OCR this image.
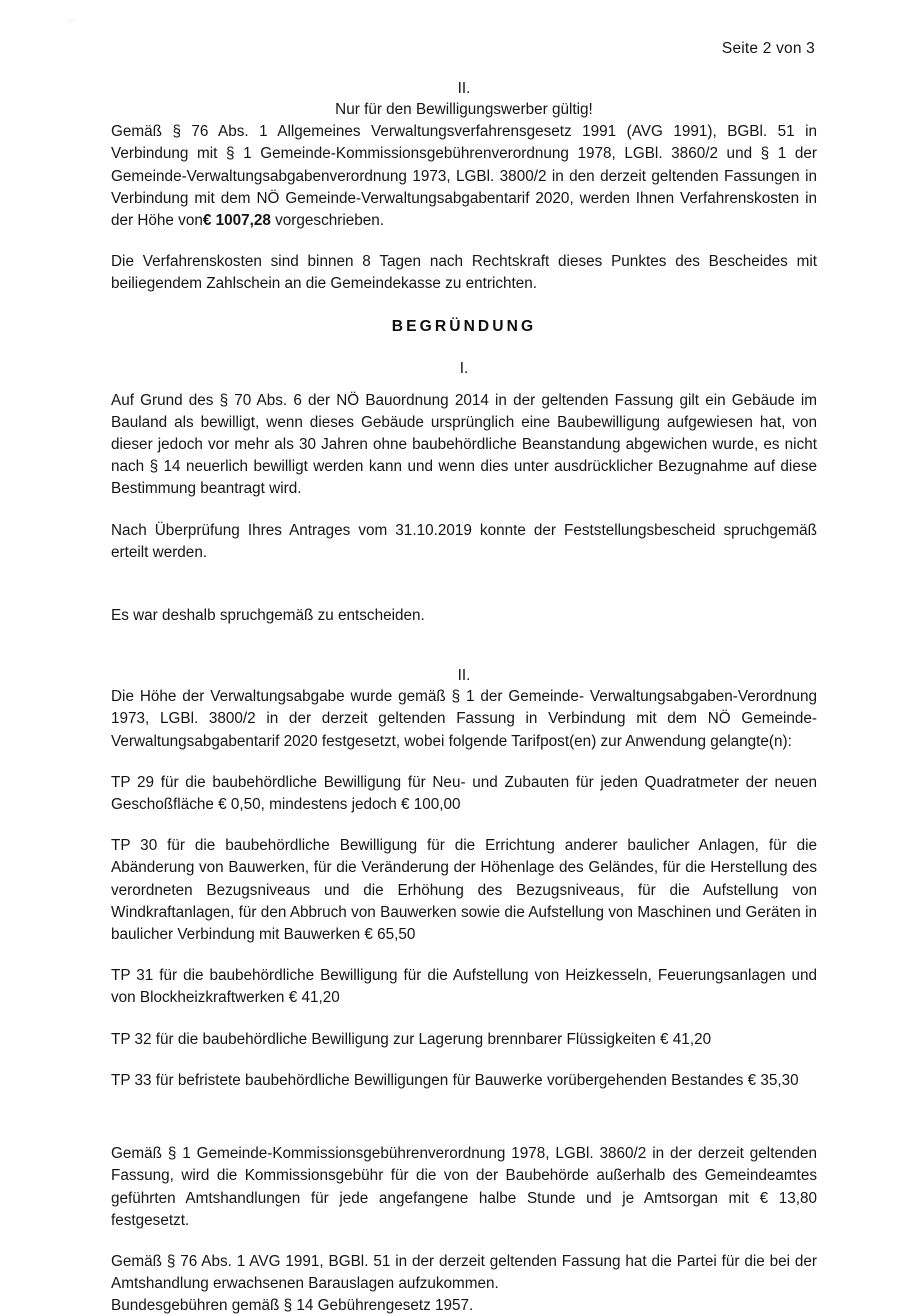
⌐
Seite 2 von 3

II.

Nur für den Bewilligungswerber gültig!

Gemäß § 76 Abs. 1 Allgemeines Verwaltungsverfahrensgesetz 1991 (AVG 1991), BGBl. 51 in Verbindung mit § 1 Gemeinde-Kommissionsgebührenverordnung 1978, LGBl. 3860/2 und § 1 der Gemeinde-Verwaltungsabgabenverordnung 1973, LGBl. 3800/2 in den derzeit geltenden Fassungen in Verbindung mit dem NÖ Gemeinde-Verwaltungsabgabentarif 2020, werden Ihnen Verfahrenskosten in der Höhe von€ 1007,28 vorgeschrieben.

Die Verfahrenskosten sind binnen 8 Tagen nach Rechtskraft dieses Punktes des Bescheides mit beiliegendem Zahlschein an die Gemeindekasse zu entrichten.

BEGRÜNDUNG

I.

Auf Grund des § 70 Abs. 6 der NÖ Bauordnung 2014 in der geltenden Fassung gilt ein Gebäude im Bauland als bewilligt, wenn dieses Gebäude ursprünglich eine Baubewilligung aufgewiesen hat, von dieser jedoch vor mehr als 30 Jahren ohne baubehördliche Beanstandung abgewichen wurde, es nicht nach § 14 neuerlich bewilligt werden kann und wenn dies unter ausdrücklicher Bezugnahme auf diese Bestimmung beantragt wird.

Nach Überprüfung Ihres Antrages vom 31.10.2019 konnte der Feststellungsbescheid spruchgemäß erteilt werden.

Es war deshalb spruchgemäß zu entscheiden.

II.

Die Höhe der Verwaltungsabgabe wurde gemäß § 1 der Gemeinde- Verwaltungsabgaben-Verordnung 1973, LGBl. 3800/2 in der derzeit geltenden Fassung in Verbindung mit dem NÖ Gemeinde-Verwaltungsabgabentarif 2020 festgesetzt, wobei folgende Tarifpost(en) zur Anwendung gelangte(n):

TP 29 für die baubehördliche Bewilligung für Neu- und Zubauten für jeden Quadratmeter der neuen Geschoßfläche € 0,50, mindestens jedoch € 100,00

TP 30 für die baubehördliche Bewilligung für die Errichtung anderer baulicher Anlagen, für die Abänderung von Bauwerken, für die Veränderung der Höhenlage des Geländes, für die Herstellung des verordneten Bezugsniveaus und die Erhöhung des Bezugsniveaus, für die Aufstellung von Windkraftanlagen, für den Abbruch von Bauwerken sowie die Aufstellung von Maschinen und Geräten in baulicher Verbindung mit Bauwerken € 65,50

TP 31 für die baubehördliche Bewilligung für die Aufstellung von Heizkesseln, Feuerungsanlagen und von Blockheizkraftwerken € 41,20

TP 32 für die baubehördliche Bewilligung zur Lagerung brennbarer Flüssigkeiten € 41,20

TP 33 für befristete baubehördliche Bewilligungen für Bauwerke vorübergehenden Bestandes € 35,30

Gemäß § 1 Gemeinde-Kommissionsgebührenverordnung 1978, LGBl. 3860/2 in der derzeit geltenden Fassung, wird die Kommissionsgebühr für die von der Baubehörde außerhalb des Gemeindeamtes geführten Amtshandlungen für jede angefangene halbe Stunde und je Amtsorgan mit € 13,80 festgesetzt.

Gemäß § 76 Abs. 1 AVG 1991, BGBl. 51 in der derzeit geltenden Fassung hat die Partei für die bei der Amtshandlung erwachsenen Barauslagen aufzukommen.

Bundesgebühren gemäß § 14 Gebührengesetz 1957.
